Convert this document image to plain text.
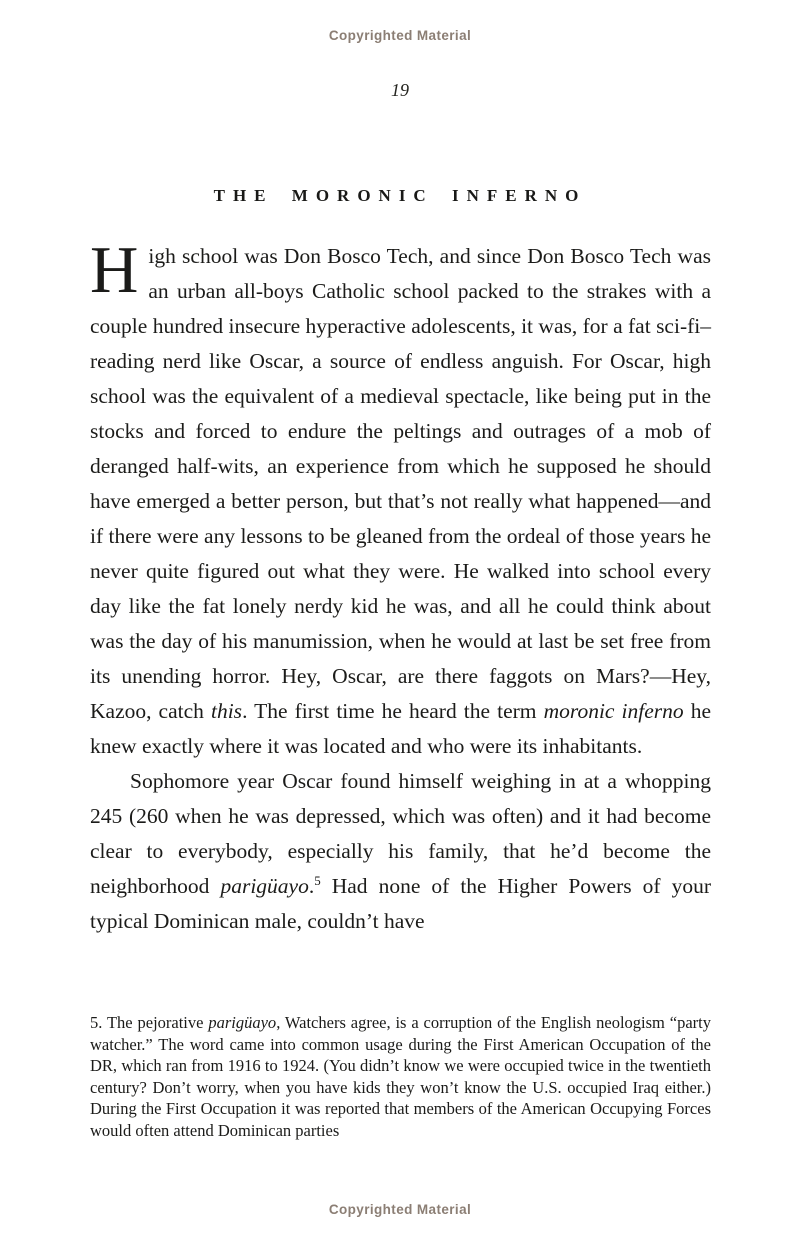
Copyrighted Material
19
THE MORONIC INFERNO

High school was Don Bosco Tech, and since Don Bosco Tech was an urban all-boys Catholic school packed to the strakes with a couple hundred insecure hyperactive adolescents, it was, for a fat sci-fi–reading nerd like Oscar, a source of endless anguish. For Oscar, high school was the equivalent of a medieval spectacle, like being put in the stocks and forced to endure the peltings and outrages of a mob of deranged half-wits, an experience from which he supposed he should have emerged a better person, but that’s not really what happened—and if there were any lessons to be gleaned from the ordeal of those years he never quite figured out what they were. He walked into school every day like the fat lonely nerdy kid he was, and all he could think about was the day of his manumission, when he would at last be set free from its unending horror. Hey, Oscar, are there faggots on Mars?—Hey, Kazoo, catch this. The first time he heard the term moronic inferno he knew exactly where it was located and who were its inhabitants.

Sophomore year Oscar found himself weighing in at a whopping 245 (260 when he was depressed, which was often) and it had become clear to everybody, especially his family, that he’d become the neighborhood parigüayo.$^5$ Had none of the Higher Powers of your typical Dominican male, couldn’t have

5. The pejorative parigüayo, Watchers agree, is a corruption of the English neologism “party watcher.” The word came into common usage during the First American Occupation of the DR, which ran from 1916 to 1924. (You didn’t know we were occupied twice in the twentieth century? Don’t worry, when you have kids they won’t know the U.S. occupied Iraq either.) During the First Occupation it was reported that members of the American Occupying Forces would often attend Dominican parties
Copyrighted Material
